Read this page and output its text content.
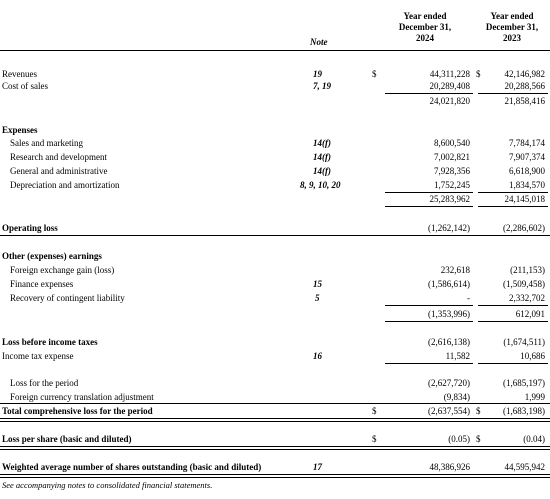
Year ended
December 31,
2024
Year ended
December 31,
2023
Note
Revenues	19	$	44,311,228 $	42,146,982
Cost of sales	7, 19	20,289,408	20,288,566
24,021,820	21,858,416
Expenses
Sales and marketing	14(f)	8,600,540	7,784,174
Research and development	14(f)	7,002,821	7,907,374
General and administrative	14(f)	7,928,356	6,618,900
Depreciation and amortization	8, 9, 10, 20	1,752,245	1,834,570
25,283,962	24,145,018
Operating loss	(1,262,142)	(2,286,602)
Other (expenses) earnings
Foreign exchange gain (loss)	232,618	(211,153)
Finance expenses	15	(1,586,614)	(1,509,458)
Recovery of contingent liability	5	-	2,332,702
(1,353,996)	612,091
Loss before income taxes	(2,616,138)	(1,674,511)
Income tax expense	16	11,582	10,686
Loss for the period	(2,627,720)	(1,685,197)
Foreign currency translation adjustment	(9,834)	1,999
Total comprehensive loss for the period	$	(2,637,554) $	(1,683,198)
Loss per share (basic and diluted)	$	(0.05) $	(0.04)
Weighted average number of shares outstanding (basic and diluted)	17	48,386,926	44,595,942
See accompanying notes to consolidated financial statements.
